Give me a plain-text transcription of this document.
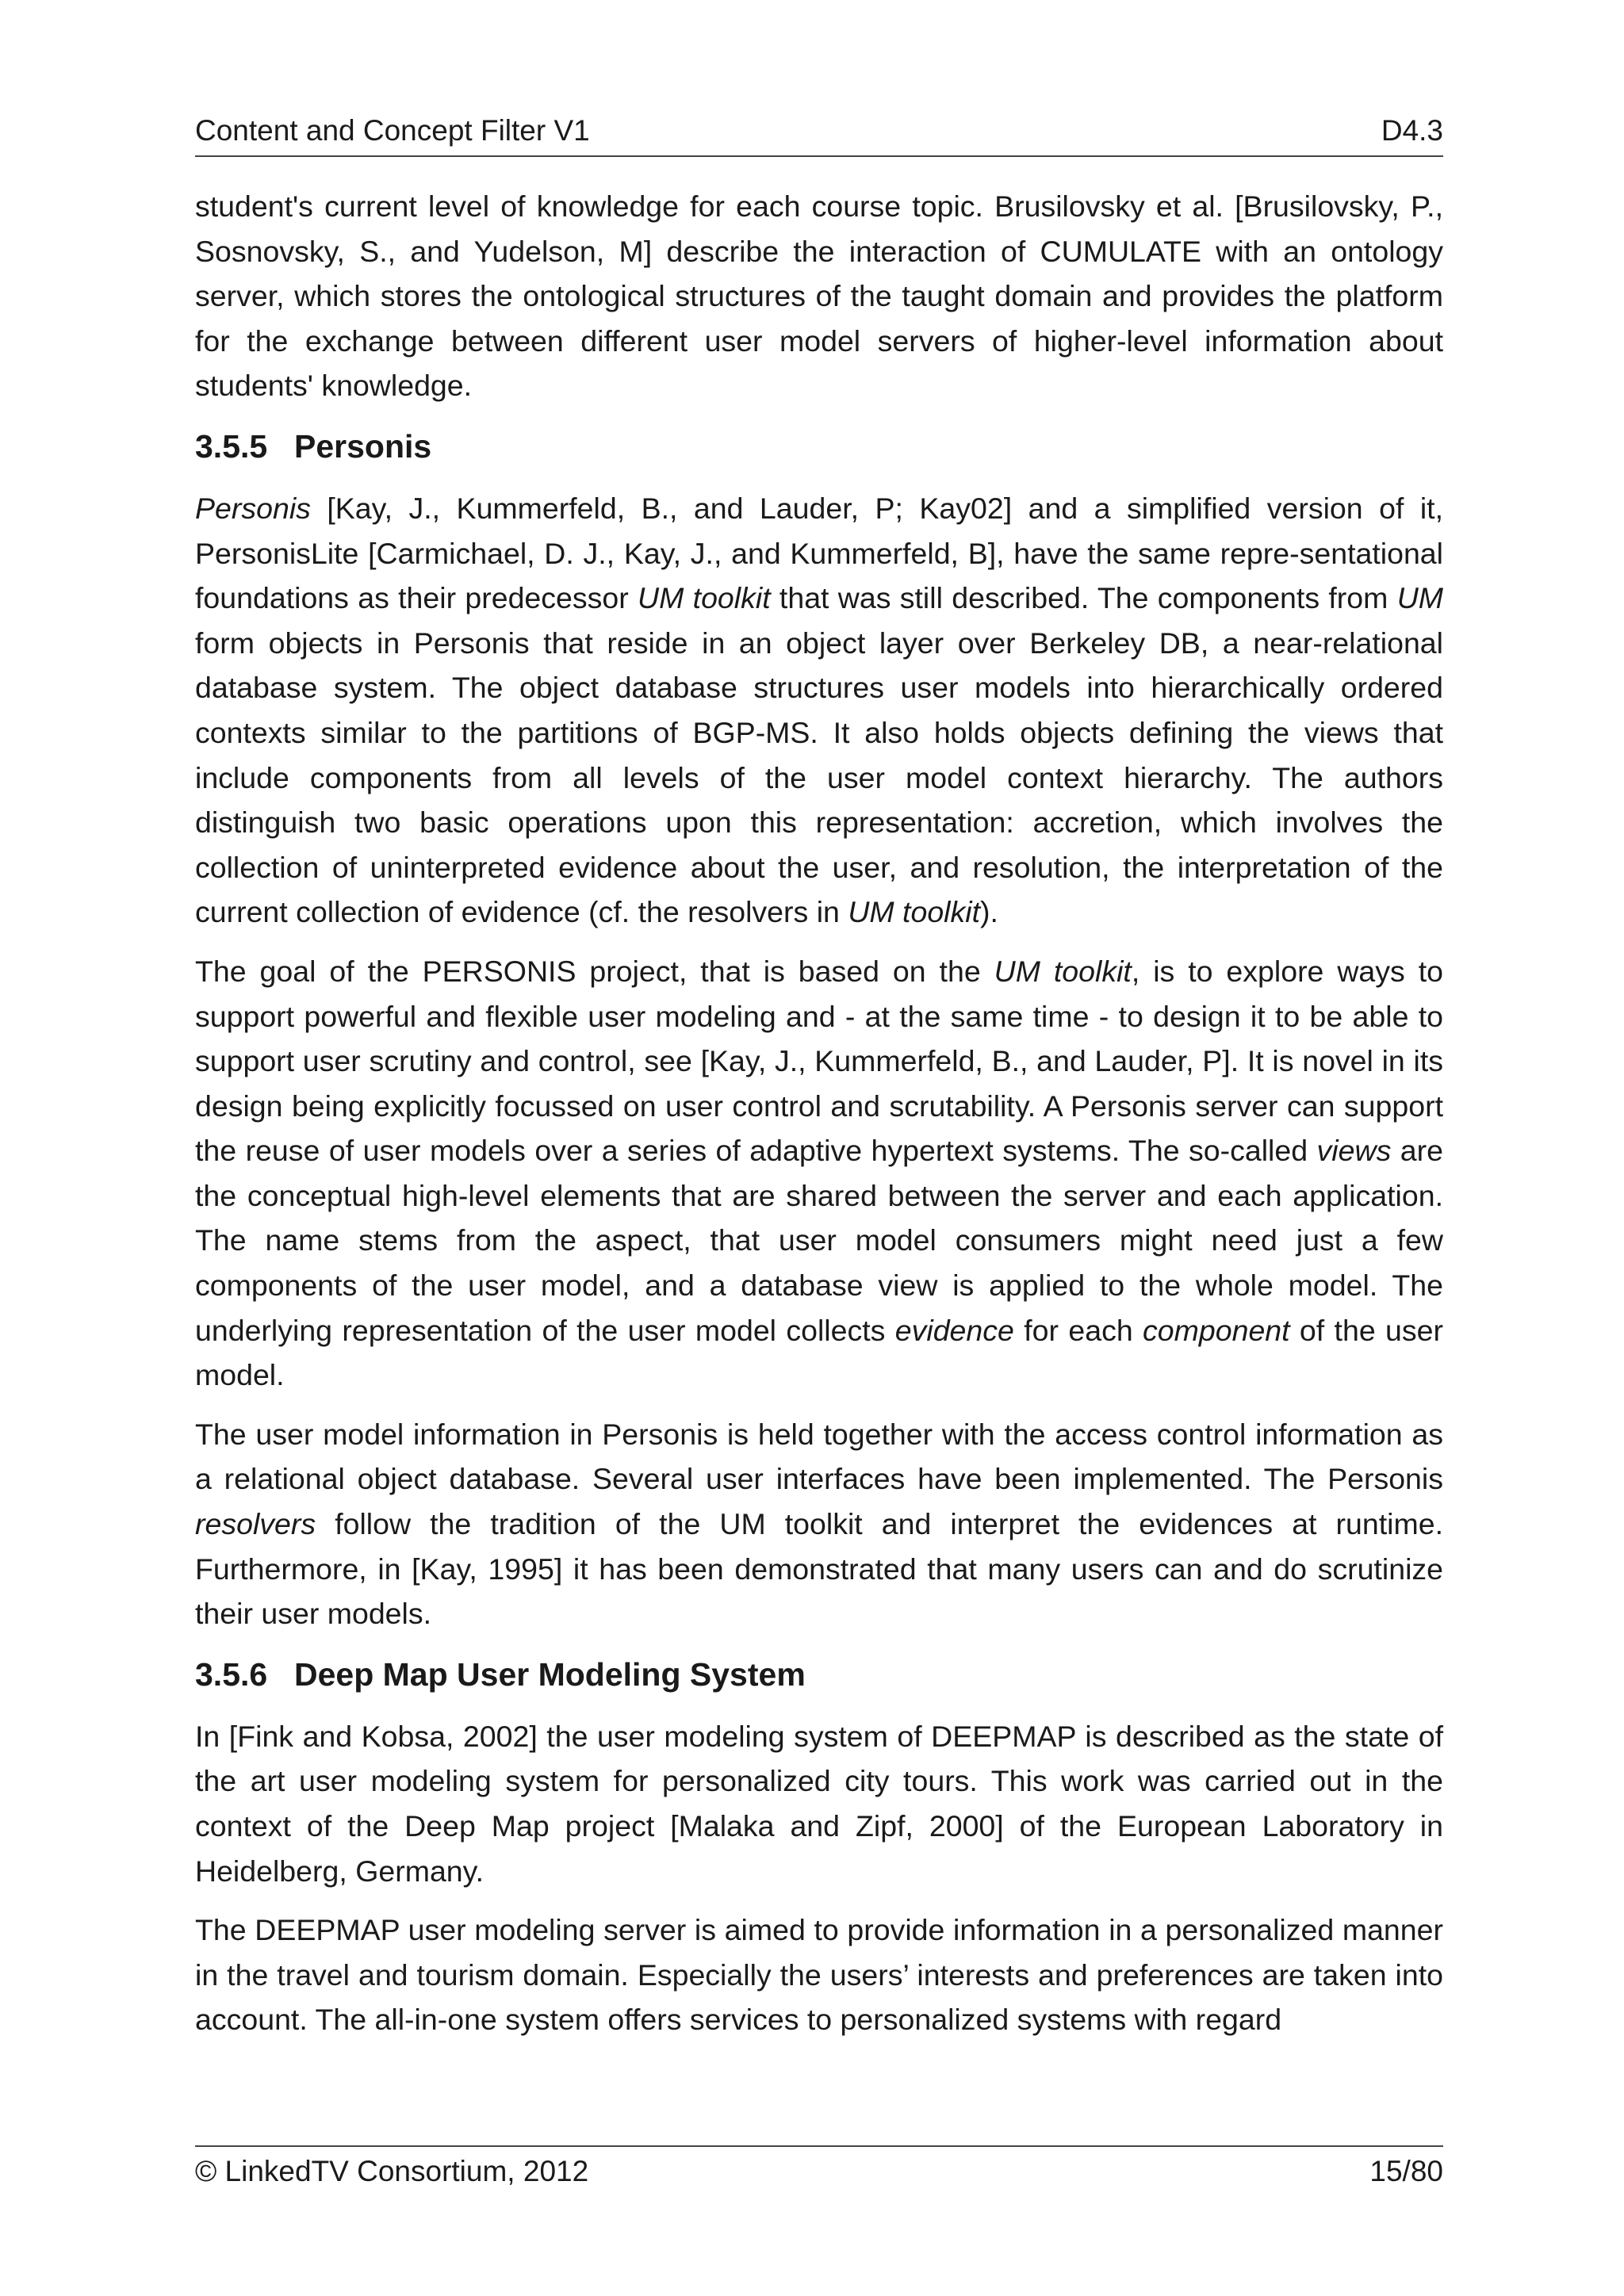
Content and Concept Filter V1	D4.3

student's current level of knowledge for each course topic. Brusilovsky et al. [Brusilovsky, P., Sosnovsky, S., and Yudelson, M] describe the interaction of CUMULATE with an ontology server, which stores the ontological structures of the taught domain and provides the platform for the exchange between different user model servers of higher-level information about students' knowledge.

3.5.5 Personis

Personis [Kay, J., Kummerfeld, B., and Lauder, P; Kay02] and a simplified version of it, PersonisLite [Carmichael, D. J., Kay, J., and Kummerfeld, B], have the same repre-sentational foundations as their predecessor UM toolkit that was still described. The components from UM form objects in Personis that reside in an object layer over Berkeley DB, a near-relational database system. The object database structures user models into hierarchically ordered contexts similar to the partitions of BGP-MS. It also holds objects defining the views that include components from all levels of the user model context hierarchy. The authors distinguish two basic operations upon this representation: accretion, which involves the collection of uninterpreted evidence about the user, and resolution, the interpretation of the current collection of evidence (cf. the resolvers in UM toolkit).

The goal of the PERSONIS project, that is based on the UM toolkit, is to explore ways to support powerful and flexible user modeling and - at the same time - to design it to be able to support user scrutiny and control, see [Kay, J., Kummerfeld, B., and Lauder, P]. It is novel in its design being explicitly focussed on user control and scrutability. A Personis server can support the reuse of user models over a series of adaptive hypertext systems. The so-called views are the conceptual high-level elements that are shared between the server and each application. The name stems from the aspect, that user model consumers might need just a few components of the user model, and a database view is applied to the whole model. The underlying representation of the user model collects evidence for each component of the user model.

The user model information in Personis is held together with the access control information as a relational object database. Several user interfaces have been implemented. The Personis resolvers follow the tradition of the UM toolkit and interpret the evidences at runtime. Furthermore, in [Kay, 1995] it has been demonstrated that many users can and do scrutinize their user models.

3.5.6 Deep Map User Modeling System

In [Fink and Kobsa, 2002] the user modeling system of DEEPMAP is described as the state of the art user modeling system for personalized city tours. This work was carried out in the context of the Deep Map project [Malaka and Zipf, 2000] of the European Laboratory in Heidelberg, Germany.

The DEEPMAP user modeling server is aimed to provide information in a personalized manner in the travel and tourism domain. Especially the users’ interests and preferences are taken into account. The all-in-one system offers services to personalized systems with regard

© LinkedTV Consortium, 2012	15/80
